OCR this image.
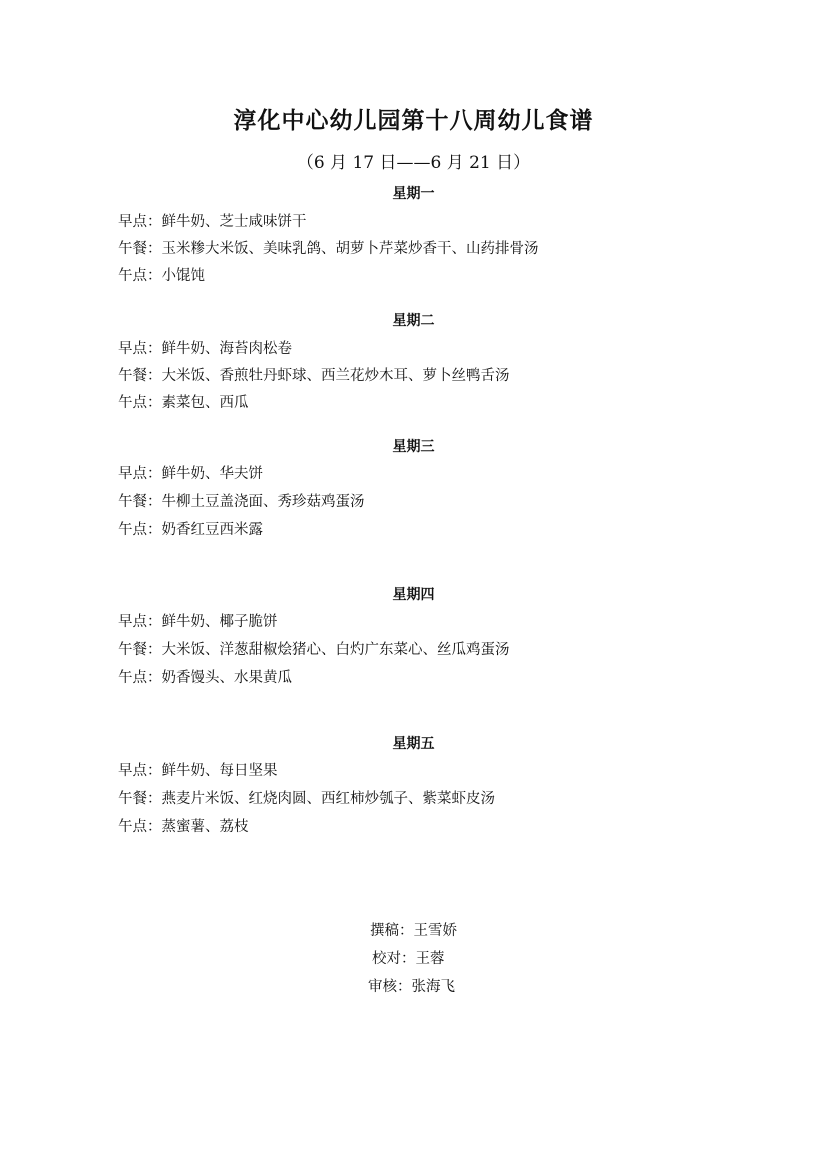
淳化中心幼儿园第十八周幼儿食谱
（6 月 17 日——6 月 21 日）
星期一
早点：鲜牛奶、芝士咸味饼干
午餐：玉米糁大米饭、美味乳鸽、胡萝卜芹菜炒香干、山药排骨汤
午点：小馄饨
星期二
早点：鲜牛奶、海苔肉松卷
午餐：大米饭、香煎牡丹虾球、西兰花炒木耳、萝卜丝鸭舌汤
午点：素菜包、西瓜
星期三
早点：鲜牛奶、华夫饼
午餐：牛柳土豆盖浇面、秀珍菇鸡蛋汤
午点：奶香红豆西米露
星期四
早点：鲜牛奶、椰子脆饼
午餐：大米饭、洋葱甜椒烩猪心、白灼广东菜心、丝瓜鸡蛋汤
午点：奶香馒头、水果黄瓜
星期五
早点：鲜牛奶、每日坚果
午餐：燕麦片米饭、红烧肉圆、西红柿炒瓠子、紫菜虾皮汤
午点：蒸蜜薯、荔枝
撰稿：王雪娇
校对：王蓉
审核：张海飞
